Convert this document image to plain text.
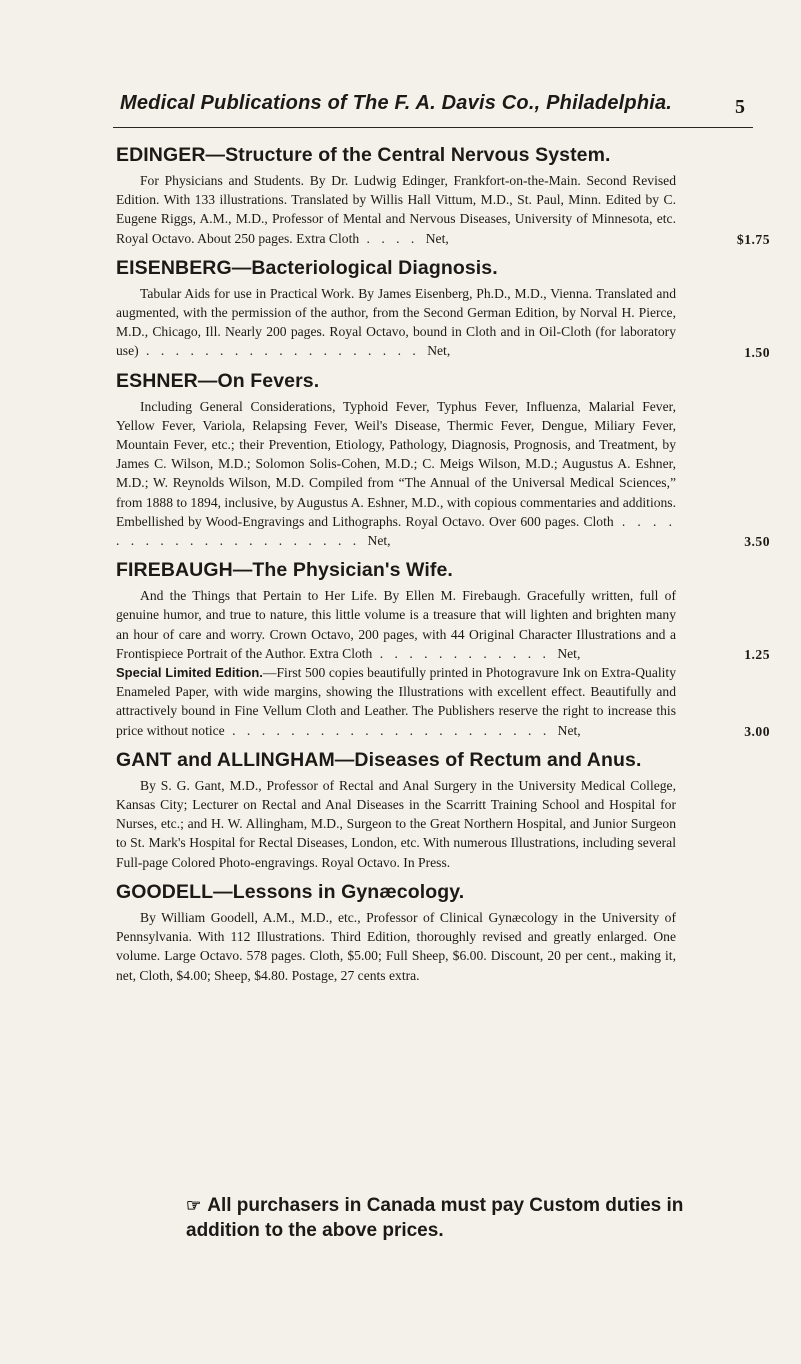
Medical Publications of The F. A. Davis Co., Philadelphia.	5
EDINGER—Structure of the Central Nervous System.

For Physicians and Students. By Dr. Ludwig Edinger, Frankfort-on-the-Main. Second Revised Edition. With 133 illustrations. Translated by Willis Hall Vittum, M.D., St. Paul, Minn. Edited by C. Eugene Riggs, A.M., M.D., Professor of Mental and Nervous Diseases, University of Minnesota, etc. Royal Octavo. About 250 pages. Extra Cloth . . . . Net,	$1.75
EISENBERG—Bacteriological Diagnosis.

Tabular Aids for use in Practical Work. By James Eisenberg, Ph.D., M.D., Vienna. Translated and augmented, with the permission of the author, from the Second German Edition, by Norval H. Pierce, M.D., Chicago, Ill. Nearly 200 pages. Royal Octavo, bound in Cloth and in Oil-Cloth (for laboratory use) . . . . . . . . . . . . . . . . . . . Net,	1.50
ESHNER—On Fevers.

Including General Considerations, Typhoid Fever, Typhus Fever, Influenza, Malarial Fever, Yellow Fever, Variola, Relapsing Fever, Weil's Disease, Thermic Fever, Dengue, Miliary Fever, Mountain Fever, etc.; their Prevention, Etiology, Pathology, Diagnosis, Prognosis, and Treatment, by James C. Wilson, M.D.; Solomon Solis-Cohen, M.D.; C. Meigs Wilson, M.D.; Augustus A. Eshner, M.D.; W. Reynolds Wilson, M.D. Compiled from “The Annual of the Universal Medical Sciences,” from 1888 to 1894, inclusive, by Augustus A. Eshner, M.D., with copious commentaries and additions. Embellished by Wood-Engravings and Lithographs. Royal Octavo. Over 600 pages. Cloth . . . . . . . . . . . . . . . . . . . . . Net,	3.50
FIREBAUGH—The Physician's Wife.

And the Things that Pertain to Her Life. By Ellen M. Firebaugh. Gracefully written, full of genuine humor, and true to nature, this little volume is a treasure that will lighten and brighten many an hour of care and worry. Crown Octavo, 200 pages, with 44 Original Character Illustrations and a Frontispiece Portrait of the Author. Extra Cloth . . . . . . . . . . . . Net,	1.25

Special Limited Edition.—First 500 copies beautifully printed in Photogravure Ink on Extra-Quality Enameled Paper, with wide margins, showing the Illustrations with excellent effect. Beautifully and attractively bound in Fine Vellum Cloth and Leather. The Publishers reserve the right to increase this price without notice . . . . . . . . . . . . . . . . . . . . . . Net,	3.00
GANT and ALLINGHAM—Diseases of Rectum and Anus.

By S. G. Gant, M.D., Professor of Rectal and Anal Surgery in the University Medical College, Kansas City; Lecturer on Rectal and Anal Diseases in the Scarritt Training School and Hospital for Nurses, etc.; and H. W. Allingham, M.D., Surgeon to the Great Northern Hospital, and Junior Surgeon to St. Mark's Hospital for Rectal Diseases, London, etc. With numerous Illustrations, including several Full-page Colored Photo-engravings. Royal Octavo. In Press.

GOODELL—Lessons in Gynæcology.

By William Goodell, A.M., M.D., etc., Professor of Clinical Gynæcology in the University of Pennsylvania. With 112 Illustrations. Third Edition, thoroughly revised and greatly enlarged. One volume. Large Octavo. 578 pages. Cloth, $5.00; Full Sheep, $6.00. Discount, 20 per cent., making it, net, Cloth, $4.00; Sheep, $4.80. Postage, 27 cents extra.

☞ All purchasers in Canada must pay Custom duties in addition to the above prices.
